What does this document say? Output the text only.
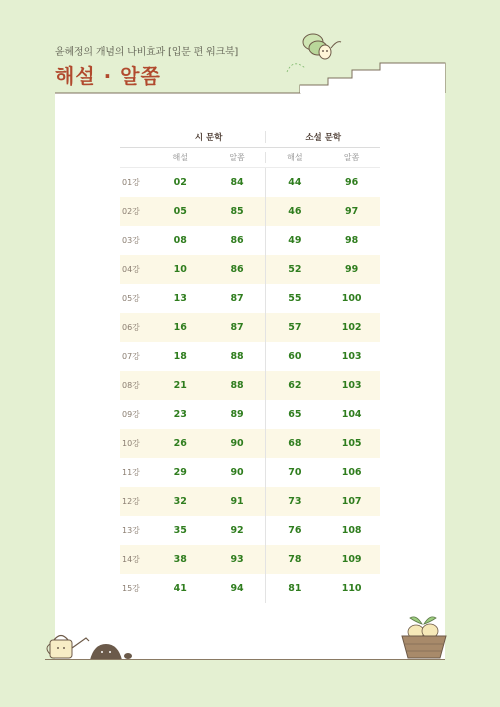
윤혜정의 개념의 나비효과 [입문 편 워크북]
해설 · 알쫌
시 문학	소설 문학
해설	알쫌	해설	알쫌
01강	02	84	44	96
02강	05	85	46	97
03강	08	86	49	98
04강	10	86	52	99
05강	13	87	55	100
06강	16	87	57	102
07강	18	88	60	103
08강	21	88	62	103
09강	23	89	65	104
10강	26	90	68	105
11강	29	90	70	106
12강	32	91	73	107
13강	35	92	76	108
14강	38	93	78	109
15강	41	94	81	110
